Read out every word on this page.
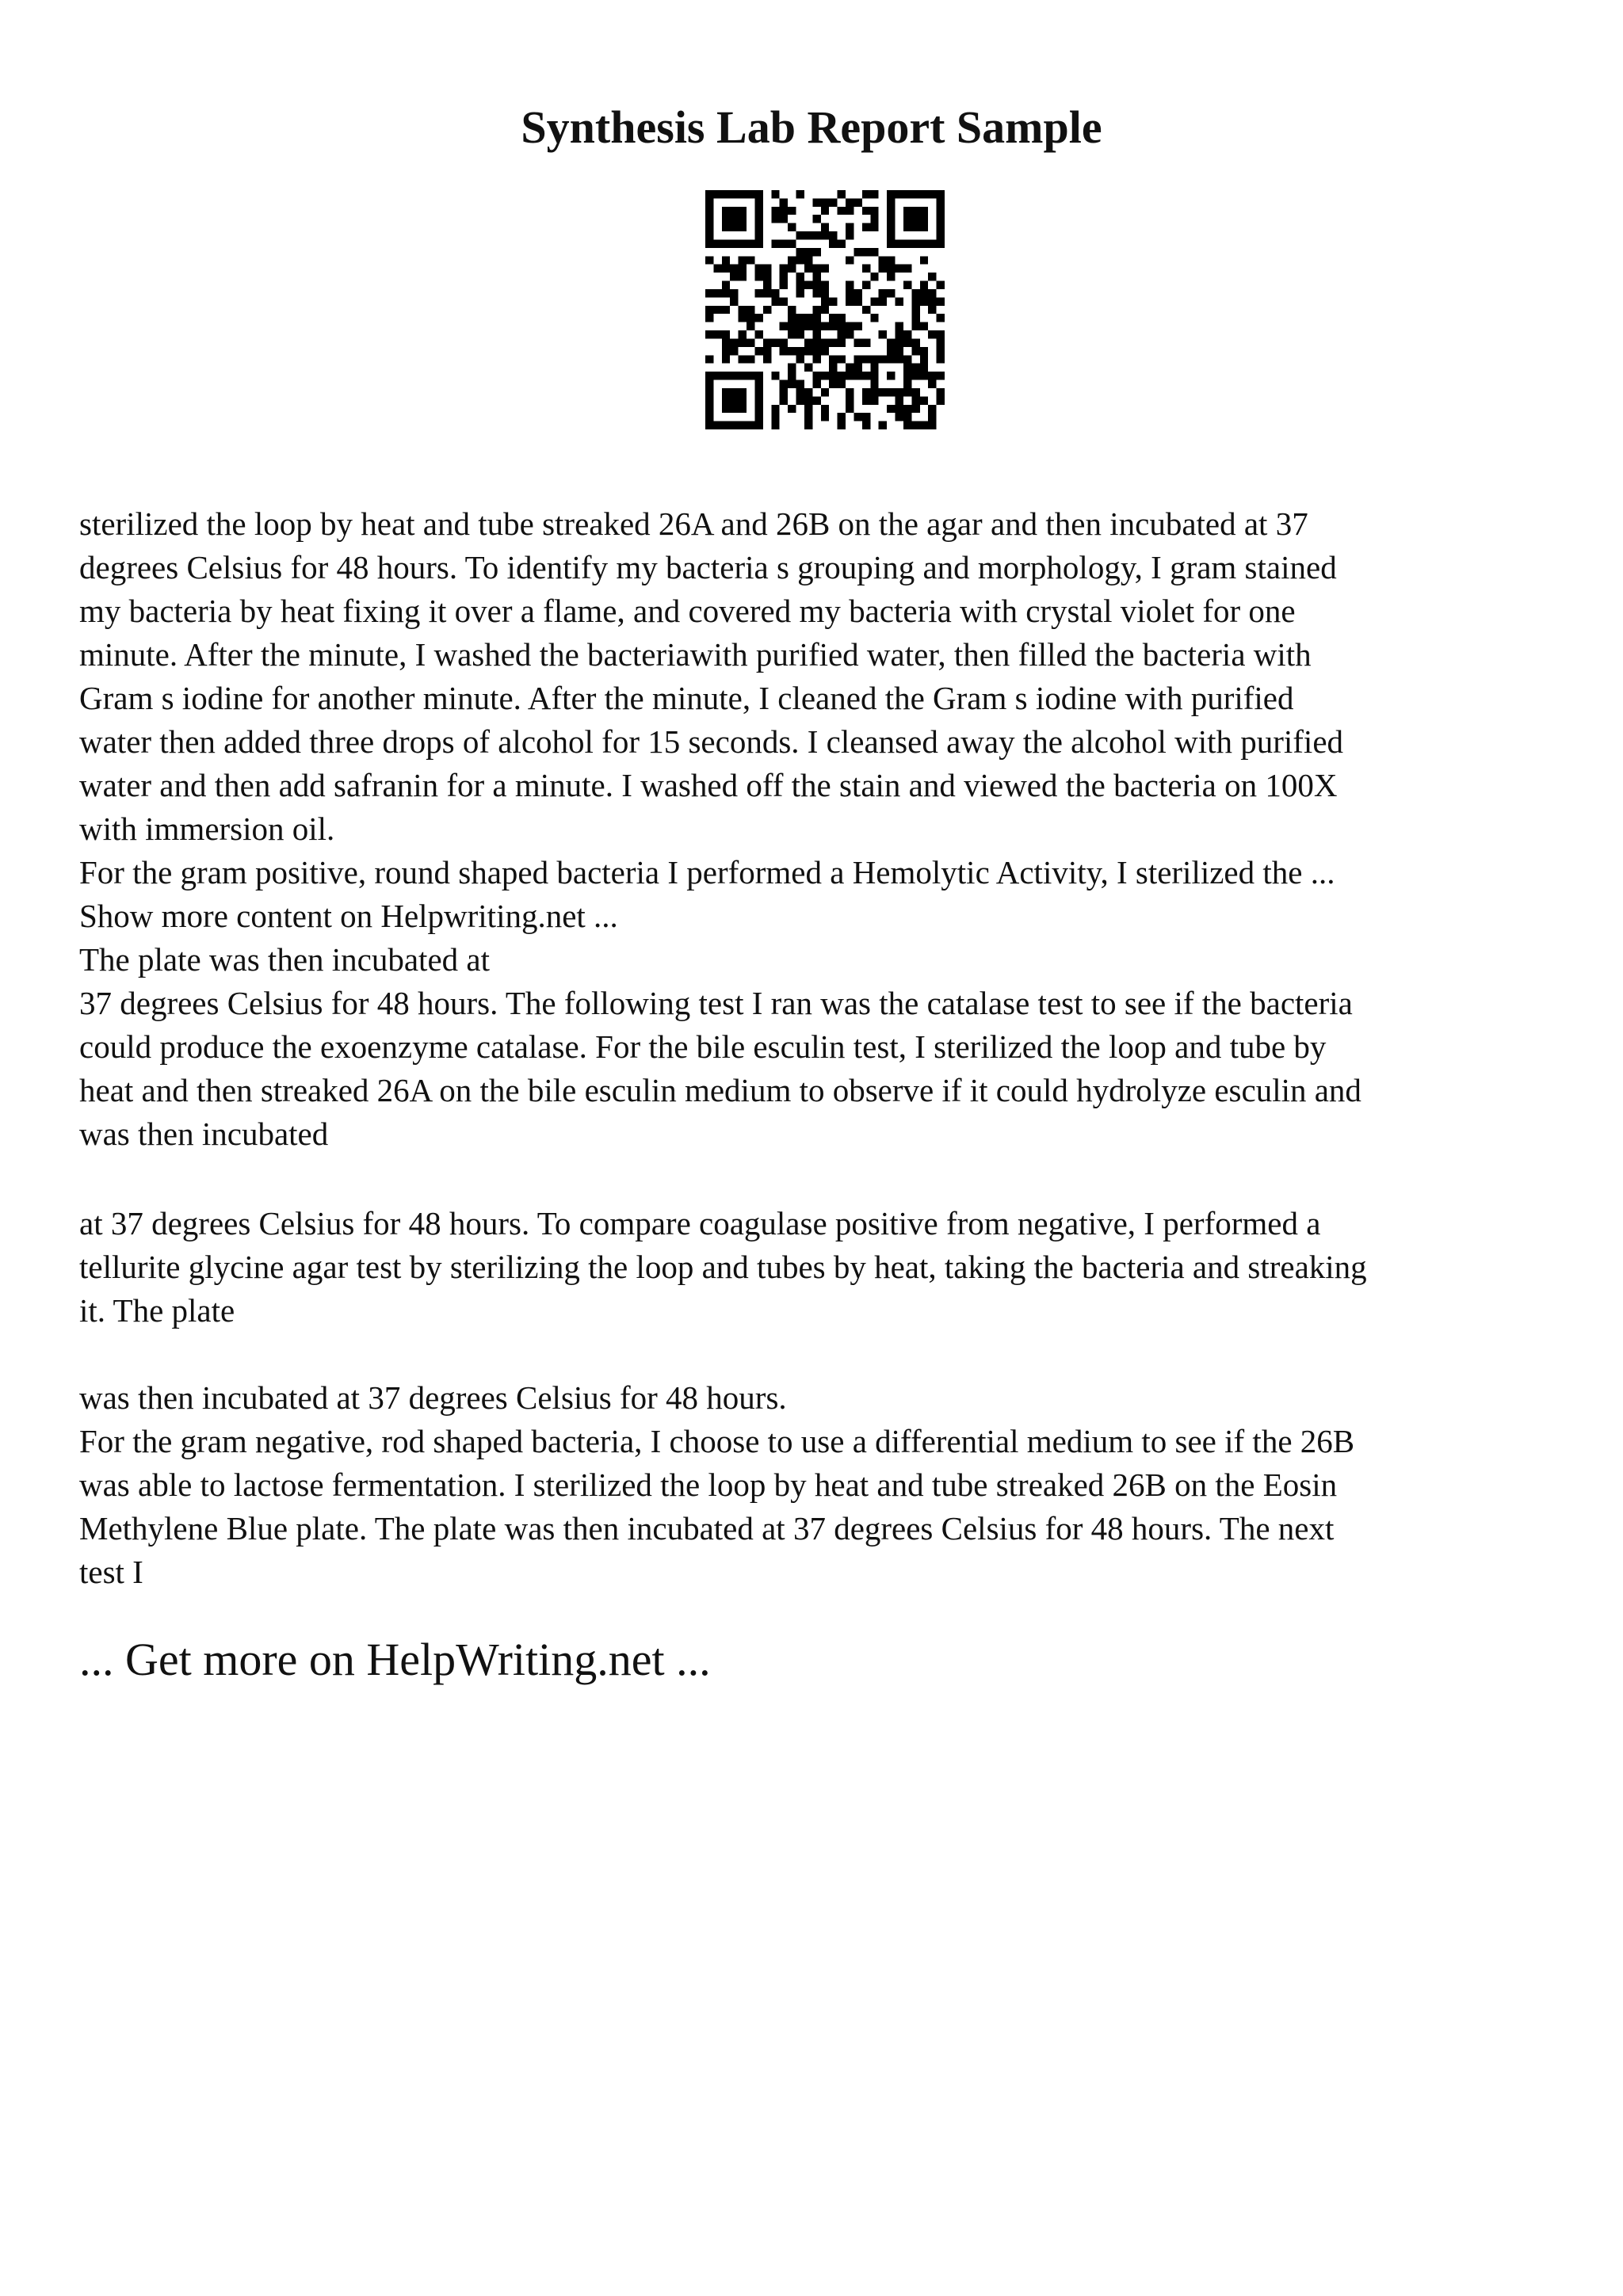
Synthesis Lab Report Sample

sterilized the loop by heat and tube streaked 26A and 26B on the agar and then incubated at 37
degrees Celsius for 48 hours. To identify my bacteria s grouping and morphology, I gram stained
my bacteria by heat fixing it over a flame, and covered my bacteria with crystal violet for one
minute. After the minute, I washed the bacteriawith purified water, then filled the bacteria with
Gram s iodine for another minute. After the minute, I cleaned the Gram s iodine with purified
water then added three drops of alcohol for 15 seconds. I cleansed away the alcohol with purified
water and then add safranin for a minute. I washed off the stain and viewed the bacteria on 100X
with immersion oil.
For the gram positive, round shaped bacteria I performed a Hemolytic Activity, I sterilized the ...
Show more content on Helpwriting.net ...
The plate was then incubated at
37 degrees Celsius for 48 hours. The following test I ran was the catalase test to see if the bacteria
could produce the exoenzyme catalase. For the bile esculin test, I sterilized the loop and tube by
heat and then streaked 26A on the bile esculin medium to observe if it could hydrolyze esculin and
was then incubated

at 37 degrees Celsius for 48 hours. To compare coagulase positive from negative, I performed a
tellurite glycine agar test by sterilizing the loop and tubes by heat, taking the bacteria and streaking
it. The plate

was then incubated at 37 degrees Celsius for 48 hours.
For the gram negative, rod shaped bacteria, I choose to use a differential medium to see if the 26B
was able to lactose fermentation. I sterilized the loop by heat and tube streaked 26B on the Eosin
Methylene Blue plate. The plate was then incubated at 37 degrees Celsius for 48 hours. The next
test I

... Get more on HelpWriting.net ...
